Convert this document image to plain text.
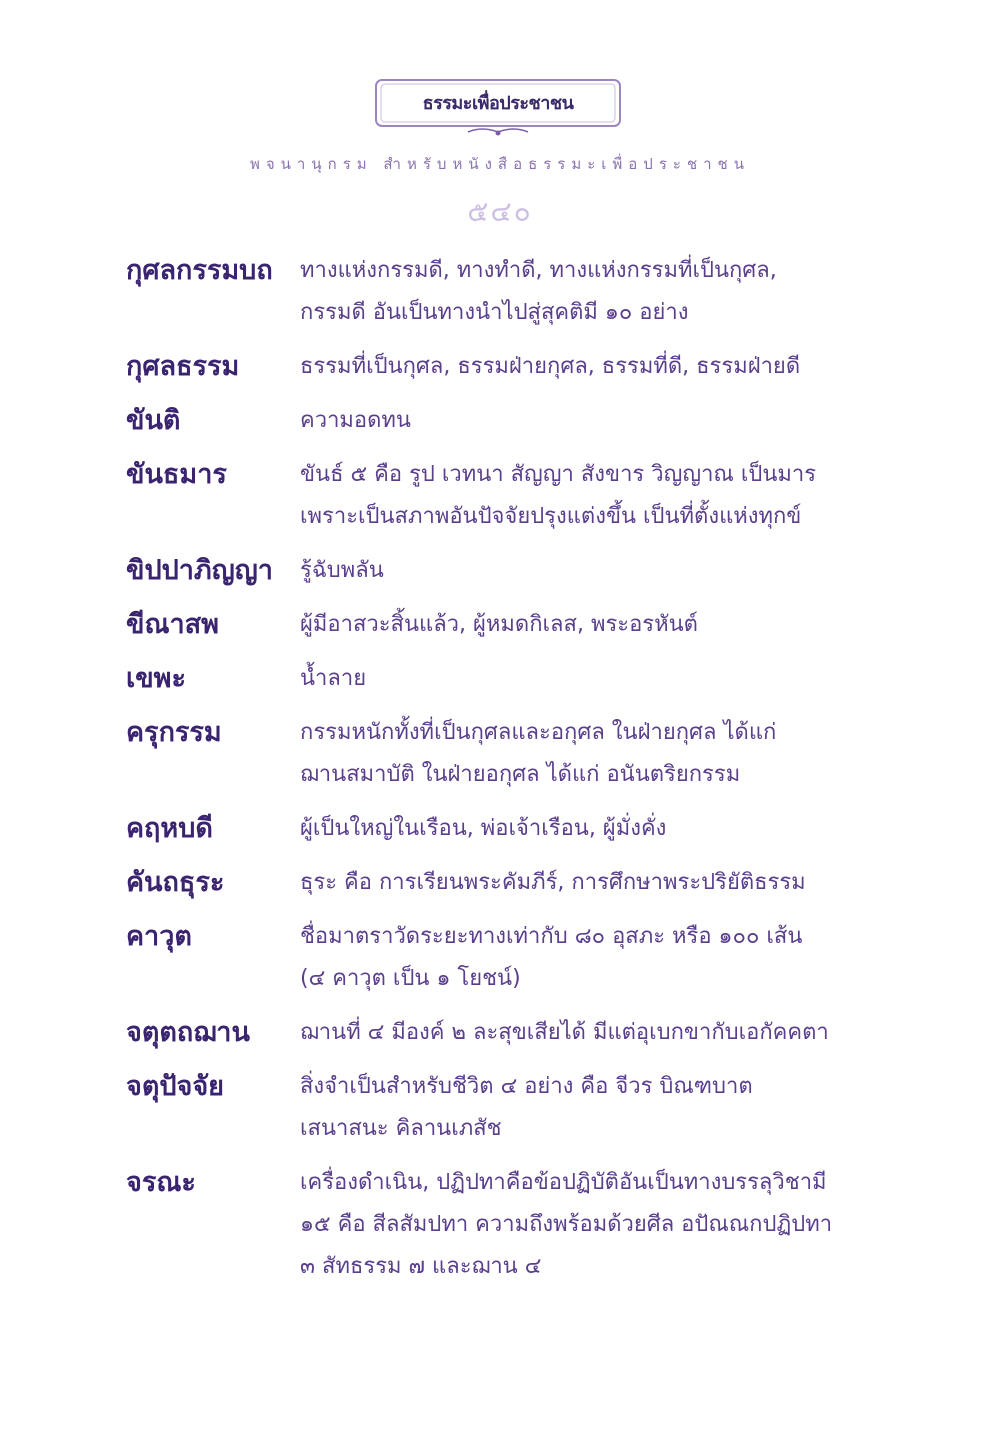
ธรรมะเพื่อประชาชน
พจนานุกรม สำหรับหนังสือธรรมะเพื่อประชาชน
๕๔๐
กุศลกรรมบถ	ทางแห่งกรรมดี, ทางทำดี, ทางแห่งกรรมที่เป็นกุศล,
กรรมดี อันเป็นทางนำไปสู่สุคติมี ๑๐ อย่าง
กุศลธรรม	ธรรมที่เป็นกุศล, ธรรมฝ่ายกุศล, ธรรมที่ดี, ธรรมฝ่ายดี
ขันติ	ความอดทน
ขันธมาร	ขันธ์ ๕ คือ รูป เวทนา สัญญา สังขาร วิญญาณ เป็นมาร
เพราะเป็นสภาพอันปัจจัยปรุงแต่งขึ้น เป็นที่ตั้งแห่งทุกข์
ขิปปาภิญญา	รู้ฉับพลัน
ขีณาสพ	ผู้มีอาสวะสิ้นแล้ว, ผู้หมดกิเลส, พระอรหันต์
เขพะ	น้ำลาย
ครุกรรม	กรรมหนักทั้งที่เป็นกุศลและอกุศล ในฝ่ายกุศล ได้แก่
ฌานสมาบัติ ในฝ่ายอกุศล ได้แก่ อนันตริยกรรม
คฤหบดี	ผู้เป็นใหญ่ในเรือน, พ่อเจ้าเรือน, ผู้มั่งคั่ง
คันถธุระ	ธุระ คือ การเรียนพระคัมภีร์, การศึกษาพระปริยัติธรรม
คาวุต	ชื่อมาตราวัดระยะทางเท่ากับ ๘๐ อุสภะ หรือ ๑๐๐ เส้น
(๔ คาวุต เป็น ๑ โยชน์)
จตุตถฌาน	ฌานที่ ๔ มีองค์ ๒ ละสุขเสียได้ มีแต่อุเบกขากับเอกัคคตา
จตุปัจจัย	สิ่งจำเป็นสำหรับชีวิต ๔ อย่าง คือ จีวร บิณฑบาต
เสนาสนะ คิลานเภสัช
จรณะ	เครื่องดำเนิน, ปฏิปทาคือข้อปฏิบัติอันเป็นทางบรรลุวิชามี
๑๕ คือ สีลสัมปทา ความถึงพร้อมด้วยศีล อปัณณกปฏิปทา
๓ สัทธรรม ๗ และฌาน ๔
